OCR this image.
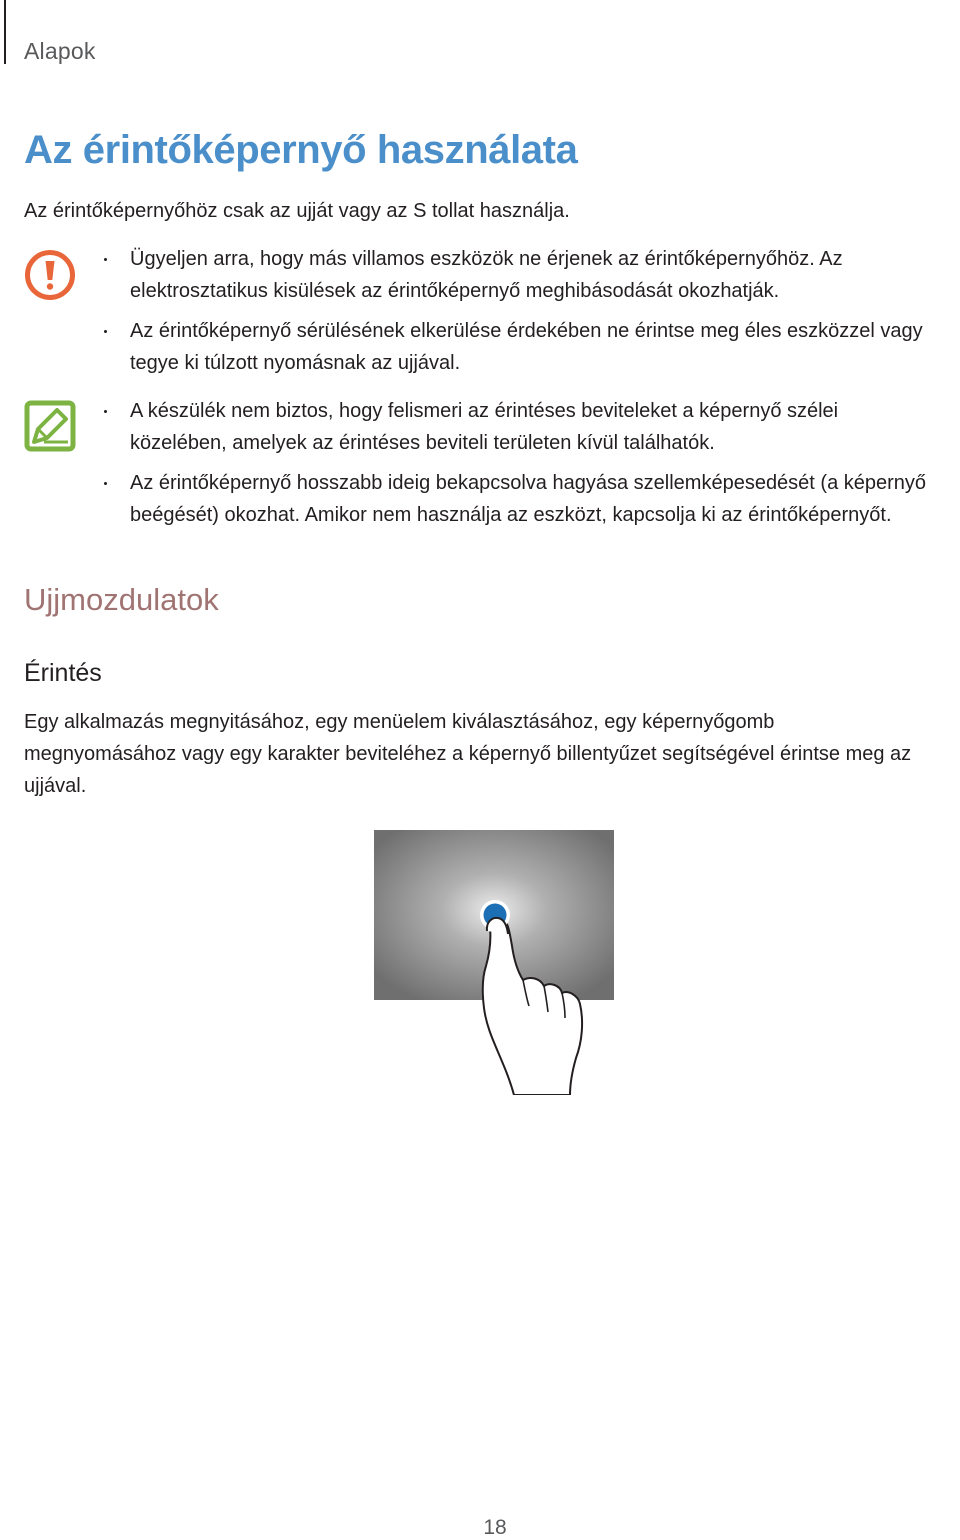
Alapok
Az érintőképernyő használata

Az érintőképernyőhöz csak az ujját vagy az S tollat használja.

Ügyeljen arra, hogy más villamos eszközök ne érjenek az érintőképernyőhöz. Az
elektrosztatikus kisülések az érintőképernyő meghibásodását okozhatják.
Az érintőképernyő sérülésének elkerülése érdekében ne érintse meg éles eszközzel vagy
tegye ki túlzott nyomásnak az ujjával.
A készülék nem biztos, hogy felismeri az érintéses beviteleket a képernyő szélei
közelében, amelyek az érintéses beviteli területen kívül találhatók.
Az érintőképernyő hosszabb ideig bekapcsolva hagyása szellemképesedését (a képernyő
beégését) okozhat. Amikor nem használja az eszközt, kapcsolja ki az érintőképernyőt.
Ujjmozdulatok
Érintés

Egy alkalmazás megnyitásához, egy menüelem kiválasztásához, egy képernyőgomb
megnyomásához vagy egy karakter beviteléhez a képernyő billentyűzet segítségével érintse meg az
ujjával.

18
